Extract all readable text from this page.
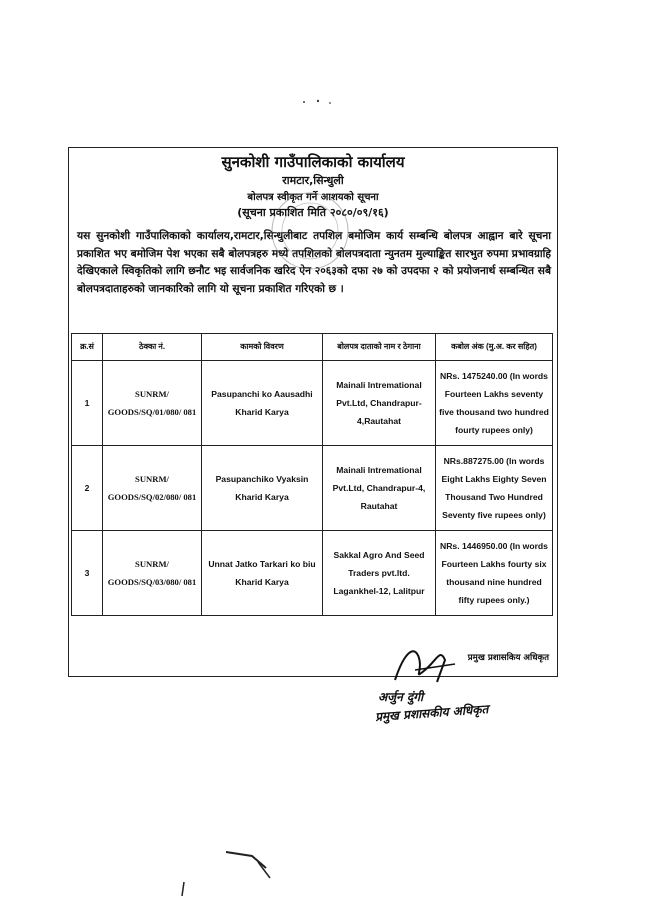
सुनकोशी गाउँपालिकाको कार्यालय
रामटार,सिन्धुली
बोलपत्र स्वीकृत गर्ने आशयको सूचना
(सूचना प्रकाशित मिति २०८०/०९/१६)
यस सुनकोशी गाउँपालिकाको कार्यालय,रामटार,सिन्धुलीबाट तपशिल बमोजिम कार्य सम्बन्धि बोलपत्र आह्वान बारे सूचना प्रकाशित भए बमोजिम पेश भएका सबै बोलपत्रहरु मध्ये तपशिलको बोलपत्रदाता न्युनतम मुल्याङ्कित सारभुत रुपमा प्रभावग्राहि देखिएकाले स्विकृतिको लागि छनौट भइ सार्वजनिक खरिद ऐन २०६३को दफा २७ को उपदफा २ को प्रयोजनार्थ सम्बन्धित सबै बोलपत्रदाताहरुको जानकारिको लागि यो सूचना प्रकाशित गरिएको छ ।
क्र.सं	ठेक्का नं.	कामको विवरण	बोलपत्र दाताको नाम र ठेगाना	कबोल अंक (मु.अ. कर सहित)
1	SUNRM/ GOODS/SQ/01/080/ 081	Pasupanchi ko Aausadhi Kharid Karya	Mainali Intremational Pvt.Ltd, Chandrapur-4,Rautahat	NRs. 1475240.00 (In words Fourteen Lakhs seventy five thousand two hundred fourty rupees only)
2	SUNRM/ GOODS/SQ/02/080/ 081	Pasupanchiko Vyaksin Kharid Karya	Mainali Intremational Pvt.Ltd, Chandrapur-4, Rautahat	NRs.887275.00 (In words Eight Lakhs Eighty Seven Thousand Two Hundred Seventy five rupees only)
3	SUNRM/ GOODS/SQ/03/080/ 081	Unnat Jatko Tarkari ko biu Kharid Karya	Sakkal Agro And Seed Traders pvt.ltd. Lagankhel-12, Lalitpur	NRs. 1446950.00 (In words Fourteen Lakhs fourty six thousand nine hundred fifty rupees only.)
प्रमुख प्रशासकिय अधिकृत
अर्जुन दुंगी
प्रमुख प्रशासकीय अधिकृत
